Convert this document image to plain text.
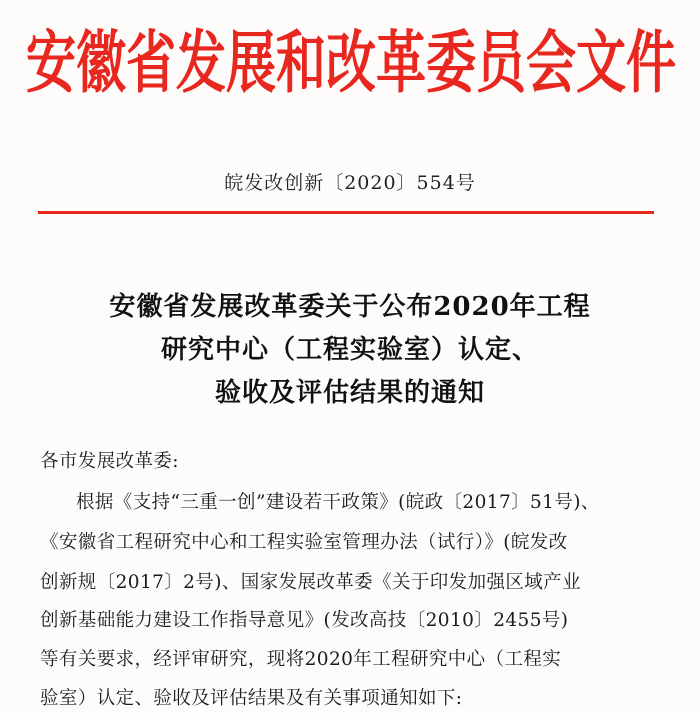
安 徽 省 发 展 和 改 革 委 员 会 文 件
皖发改创新〔2020〕554号
安徽省发展改革委关于公布2020年工程
研究中心（工程实验室）认定、
验收及评估结果的通知
各市发展改革委:
根据《支持“三重一创”建设若干政策》(皖政〔2017〕51号)、
《安徽省工程研究中心和工程实验室管理办法（试行）》(皖发改
创新规〔2017〕2号)、国家发展改革委《关于印发加强区域产业
创新基础能力建设工作指导意见》(发改高技〔2010〕2455号)
等有关要求，经评审研究，现将2020年工程研究中心（工程实
验室）认定、验收及评估结果及有关事项通知如下:
